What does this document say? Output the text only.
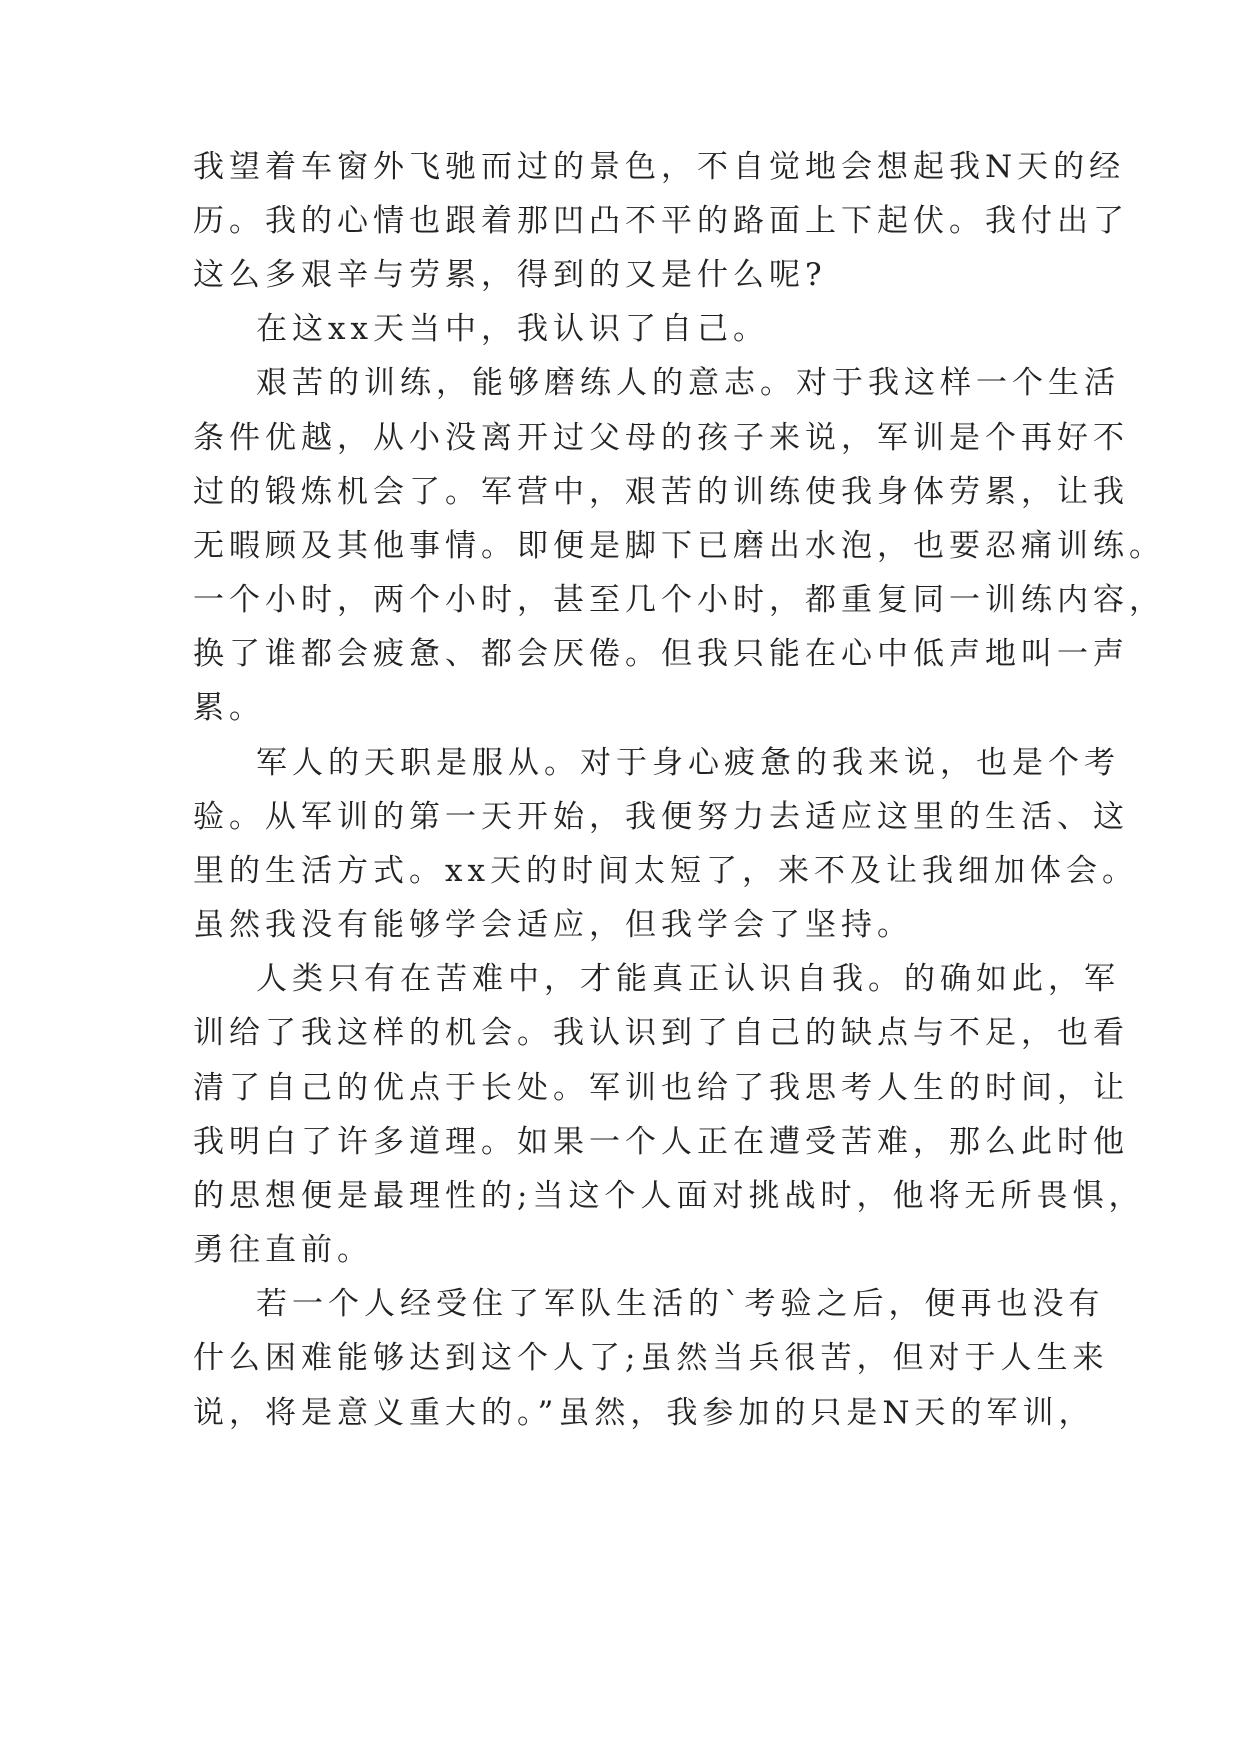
我望着车窗外飞驰而过的景色，不自觉地会想起我N天的经
历。我的心情也跟着那凹凸不平的路面上下起伏。我付出了
这么多艰辛与劳累，得到的又是什么呢?
在这xx天当中，我认识了自己。
艰苦的训练，能够磨练人的意志。对于我这样一个生活
条件优越，从小没离开过父母的孩子来说，军训是个再好不
过的锻炼机会了。军营中，艰苦的训练使我身体劳累，让我
无暇顾及其他事情。即便是脚下已磨出水泡，也要忍痛训练。
一个小时，两个小时，甚至几个小时，都重复同一训练内容，
换了谁都会疲惫、都会厌倦。但我只能在心中低声地叫一声
累。
军人的天职是服从。对于身心疲惫的我来说，也是个考
验。从军训的第一天开始，我便努力去适应这里的生活、这
里的生活方式。xx天的时间太短了，来不及让我细加体会。
虽然我没有能够学会适应，但我学会了坚持。
人类只有在苦难中，才能真正认识自我。的确如此，军
训给了我这样的机会。我认识到了自己的缺点与不足，也看
清了自己的优点于长处。军训也给了我思考人生的时间，让
我明白了许多道理。如果一个人正在遭受苦难，那么此时他
的思想便是最理性的;当这个人面对挑战时，他将无所畏惧，
勇往直前。
若一个人经受住了军队生活的`考验之后，便再也没有
什么困难能够达到这个人了;虽然当兵很苦，但对于人生来
说，将是意义重大的。”虽然，我参加的只是N天的军训，
